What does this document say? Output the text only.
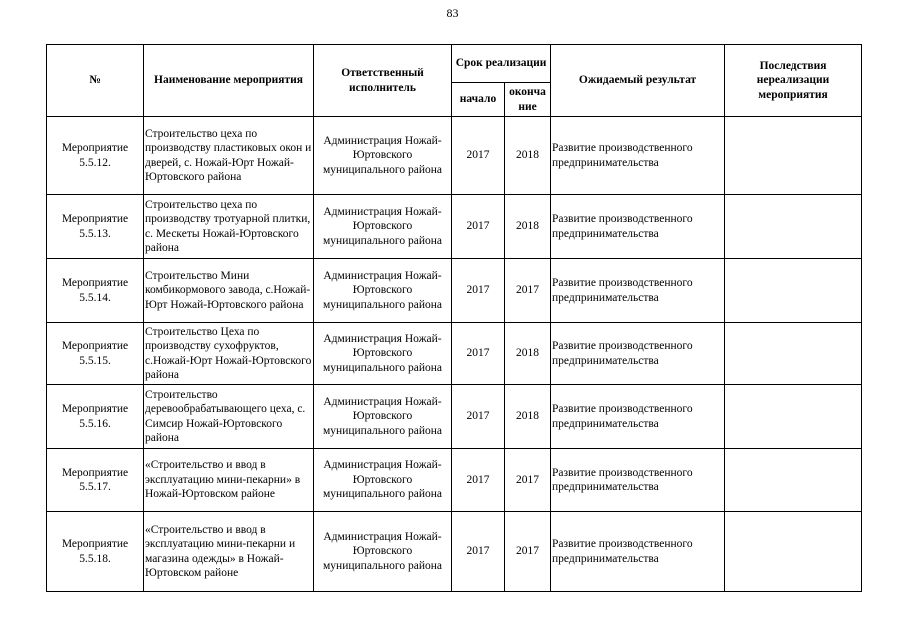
83
№	Наименование мероприятия	Ответственный исполнитель	Срок реализации		Ожидаемый результат	Последствия нереализации мероприятия
			начало	оконча ние		
Мероприятие 5.5.12.	Строительство цеха по производству пластиковых окон и дверей, с. Ножай-Юрт Ножай-Юртовского района	Администрация Ножай-Юртовского муниципального района	2017	2018	Развитие производственного предпринимательства	
Мероприятие 5.5.13.	Строительство цеха по производству тротуарной плитки, с. Мескеты Ножай-Юртовского района	Администрация Ножай-Юртовского муниципального района	2017	2018	Развитие производственного предпринимательства	
Мероприятие 5.5.14.	Строительство Мини комбикормового завода, с.Ножай-Юрт Ножай-Юртовского района	Администрация Ножай-Юртовского муниципального района	2017	2017	Развитие производственного предпринимательства	
Мероприятие 5.5.15.	Строительство Цеха по производству сухофруктов, с.Ножай-Юрт Ножай-Юртовского района	Администрация Ножай-Юртовского муниципального района	2017	2018	Развитие производственного предпринимательства	
Мероприятие 5.5.16.	Строительство деревообрабатывающего цеха, с. Симсир Ножай-Юртовского района	Администрация Ножай-Юртовского муниципального района	2017	2018	Развитие производственного предпринимательства	
Мероприятие 5.5.17.	«Строительство и ввод в эксплуатацию мини-пекарни» в Ножай-Юртовском районе	Администрация Ножай-Юртовского муниципального района	2017	2017	Развитие производственного предпринимательства	
Мероприятие 5.5.18.	«Строительство и ввод в эксплуатацию мини-пекарни и магазина одежды» в Ножай-Юртовском районе	Администрация Ножай-Юртовского муниципального района	2017	2017	Развитие производственного предпринимательства	
